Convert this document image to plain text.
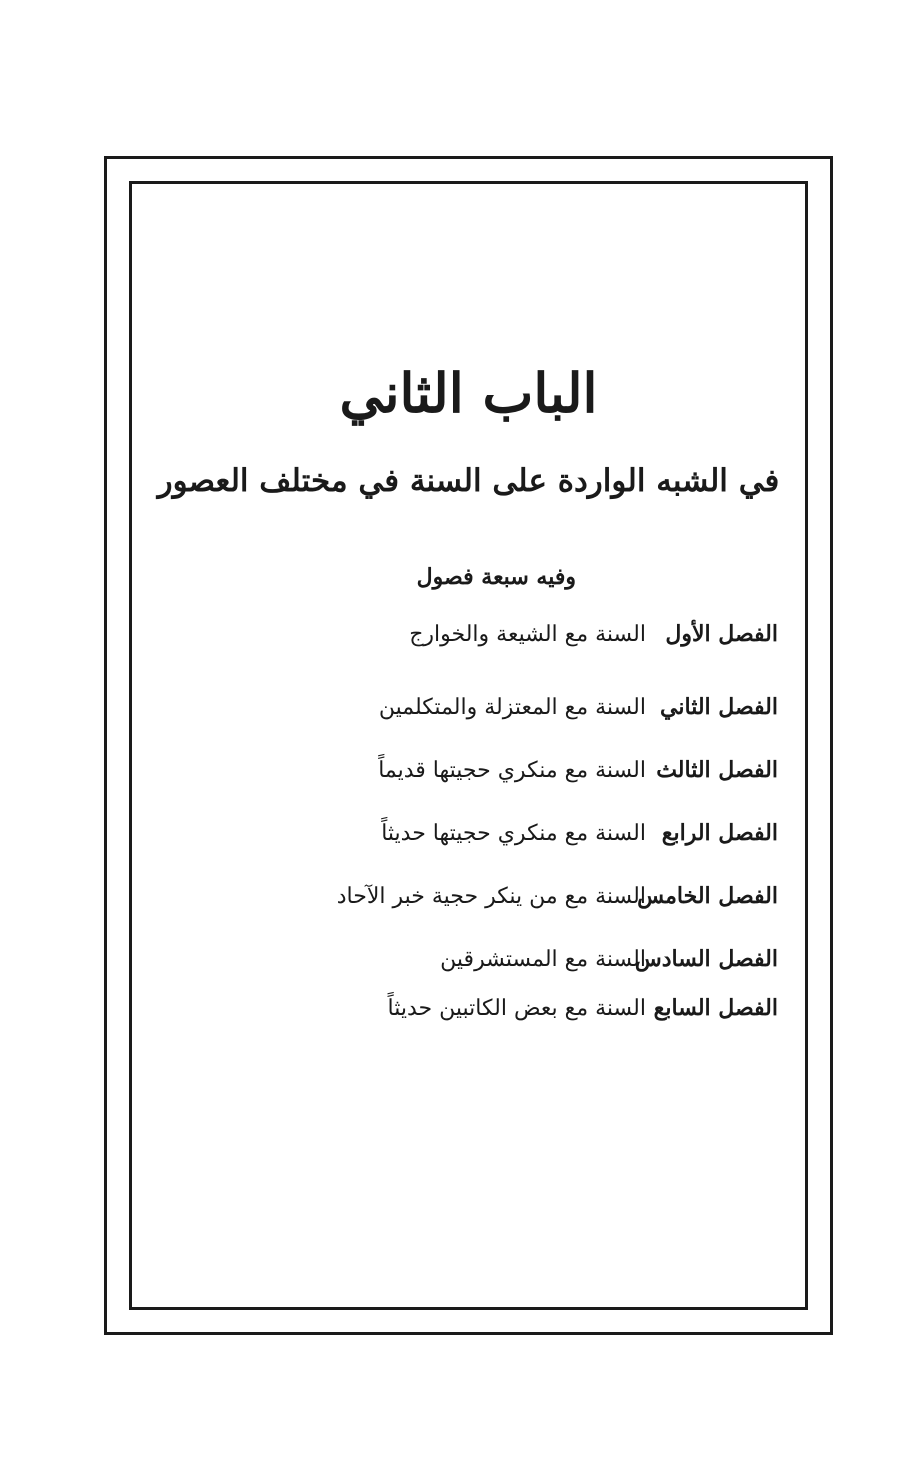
الباب الثاني
في الشبه الواردة على السنة في مختلف العصور
وفيه سبعة فصول
الفصل الأول
السنة مع الشيعة والخوارج
الفصل الثاني
السنة مع المعتزلة والمتكلمين
الفصل الثالث
السنة مع منكري حجيتها قديماً
الفصل الرابع
السنة مع منكري حجيتها حديثاً
الفصل الخامس
السنة مع من ينكر حجية خبر الآحاد
الفصل السادس
السنة مع المستشرقين
الفصل السابع
السنة مع بعض الكاتبين حديثاً
